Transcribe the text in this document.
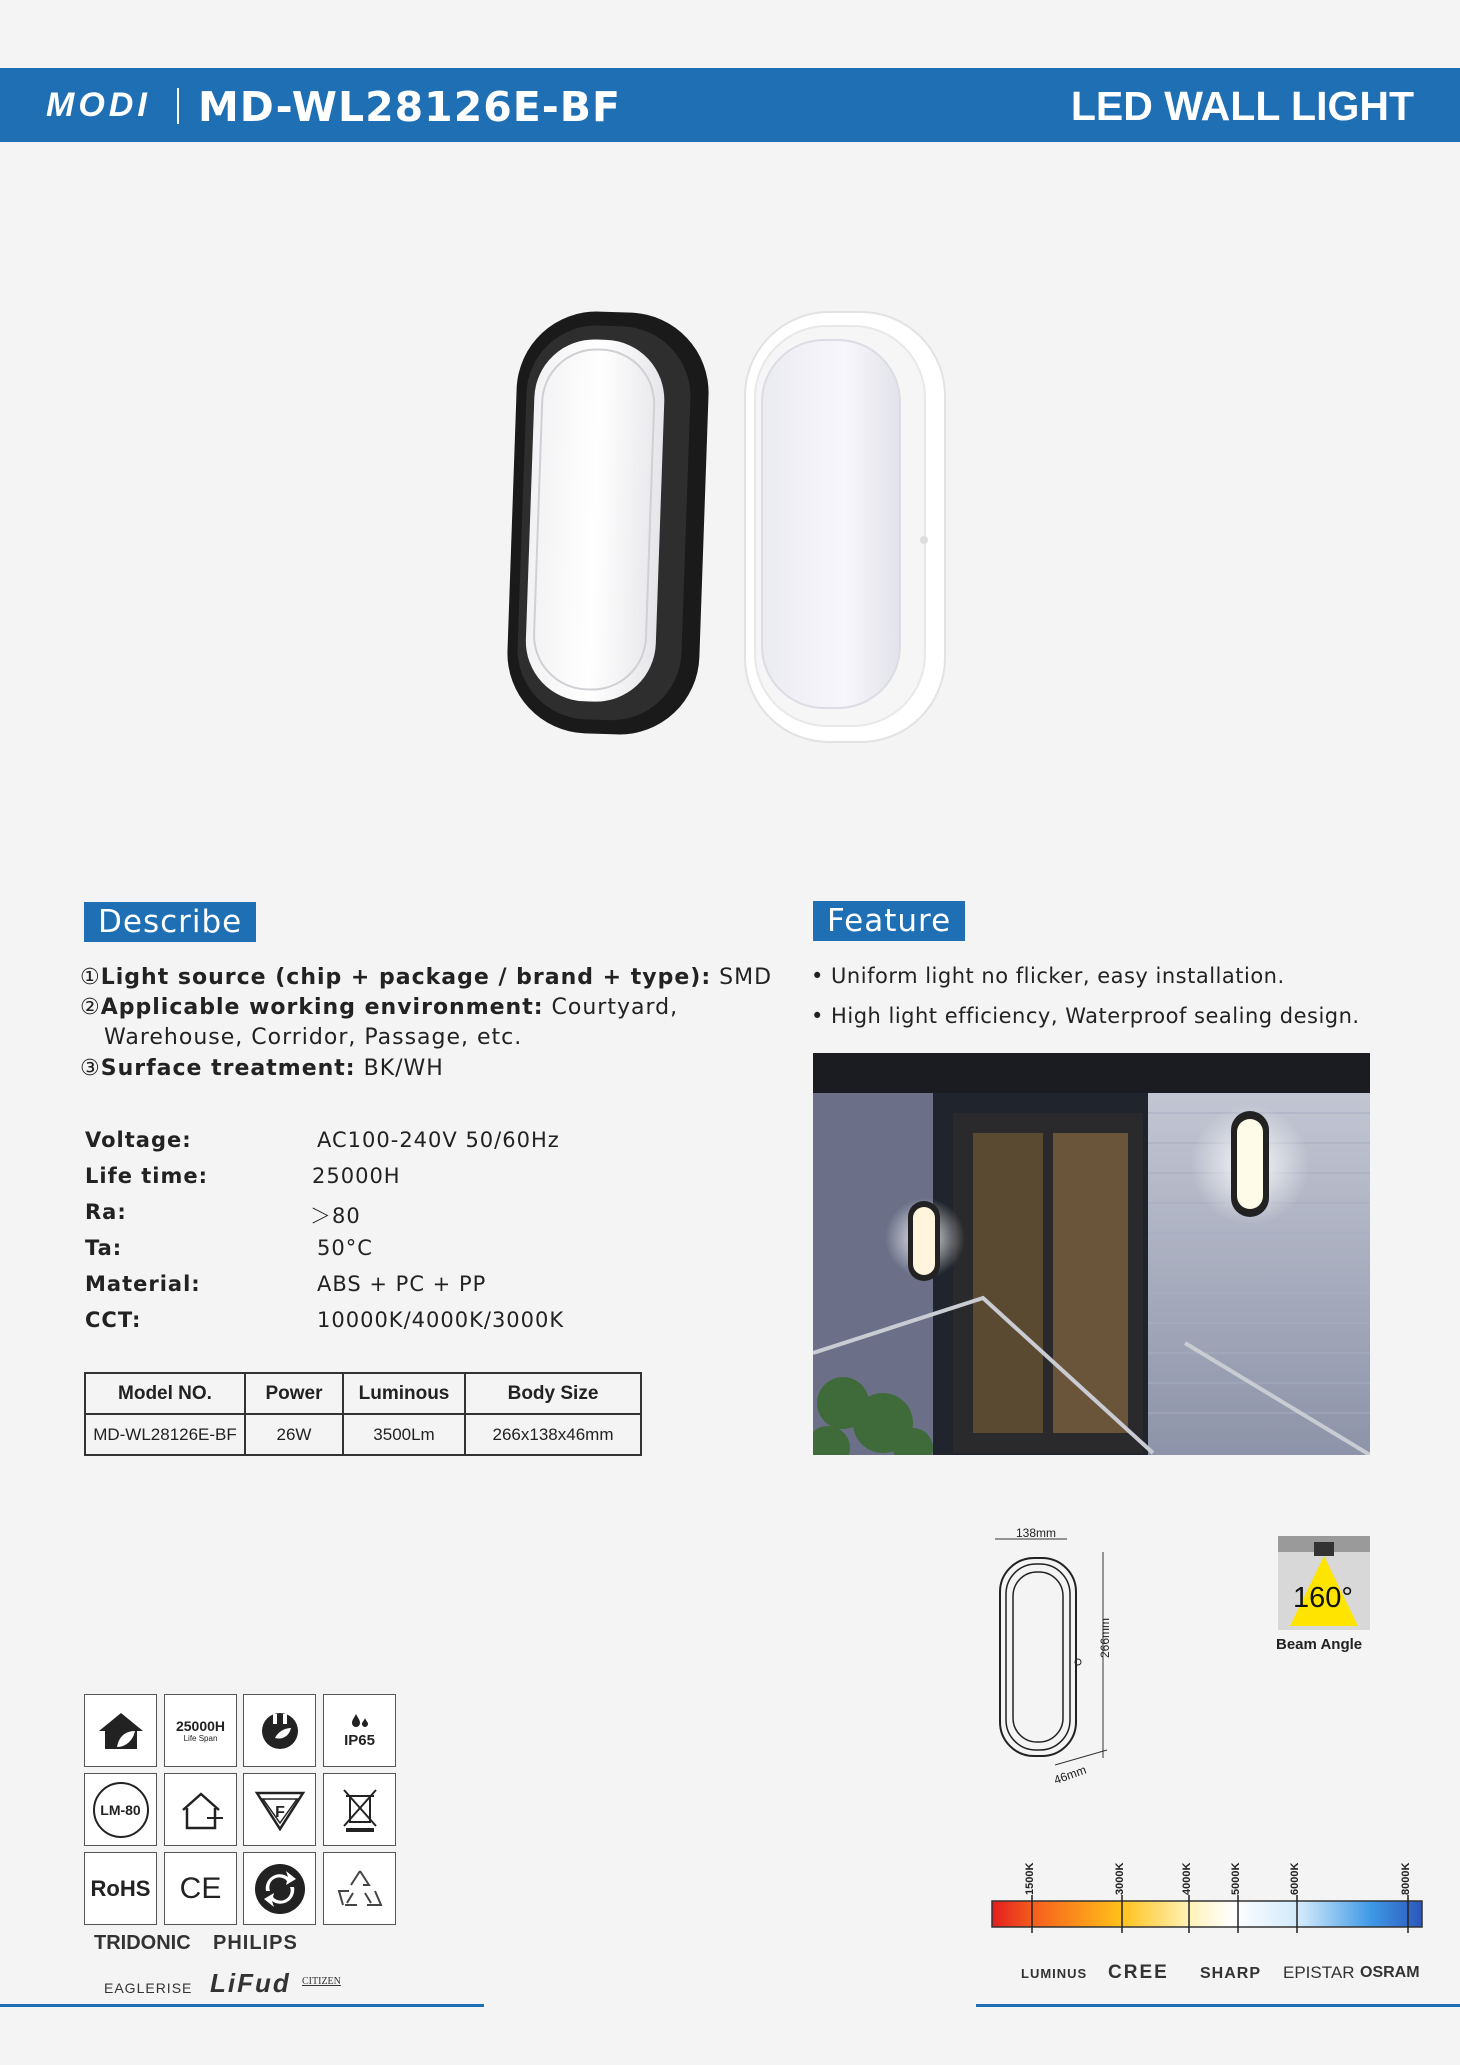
MODI MD-WL28126E-BF	LED WALL LIGHT
Describe
①Light source (chip + package / brand + type): SMD
②Applicable working environment: Courtyard,
Warehouse, Corridor, Passage, etc.
③Surface treatment: BK/WH
Voltage:	AC100-240V 50/60Hz
Life time:	25000H
Ra:	＞80
Ta:	50°C
Material:	ABS + PC + PP
CCT:	10000K/4000K/3000K
Model NO.	Power	Luminous	Body Size
MD-WL28126E-BF	26W	3500Lm	266x138x46mm
Feature
• Uniform light no flicker, easy installation.
• High light efficiency, Waterproof sealing design.
138mm
266mm
46mm
160°
Beam Angle
25000H
Life Span	IP65
LM-80	F
RoHS CE
TRIDONIC PHILIPS
EAGLERISE LiFud CITIZEN
1500K	3000K	4000K	5000K	6000K	8000K
LUMINUS CREE SHARP EPISTAR OSRAM
